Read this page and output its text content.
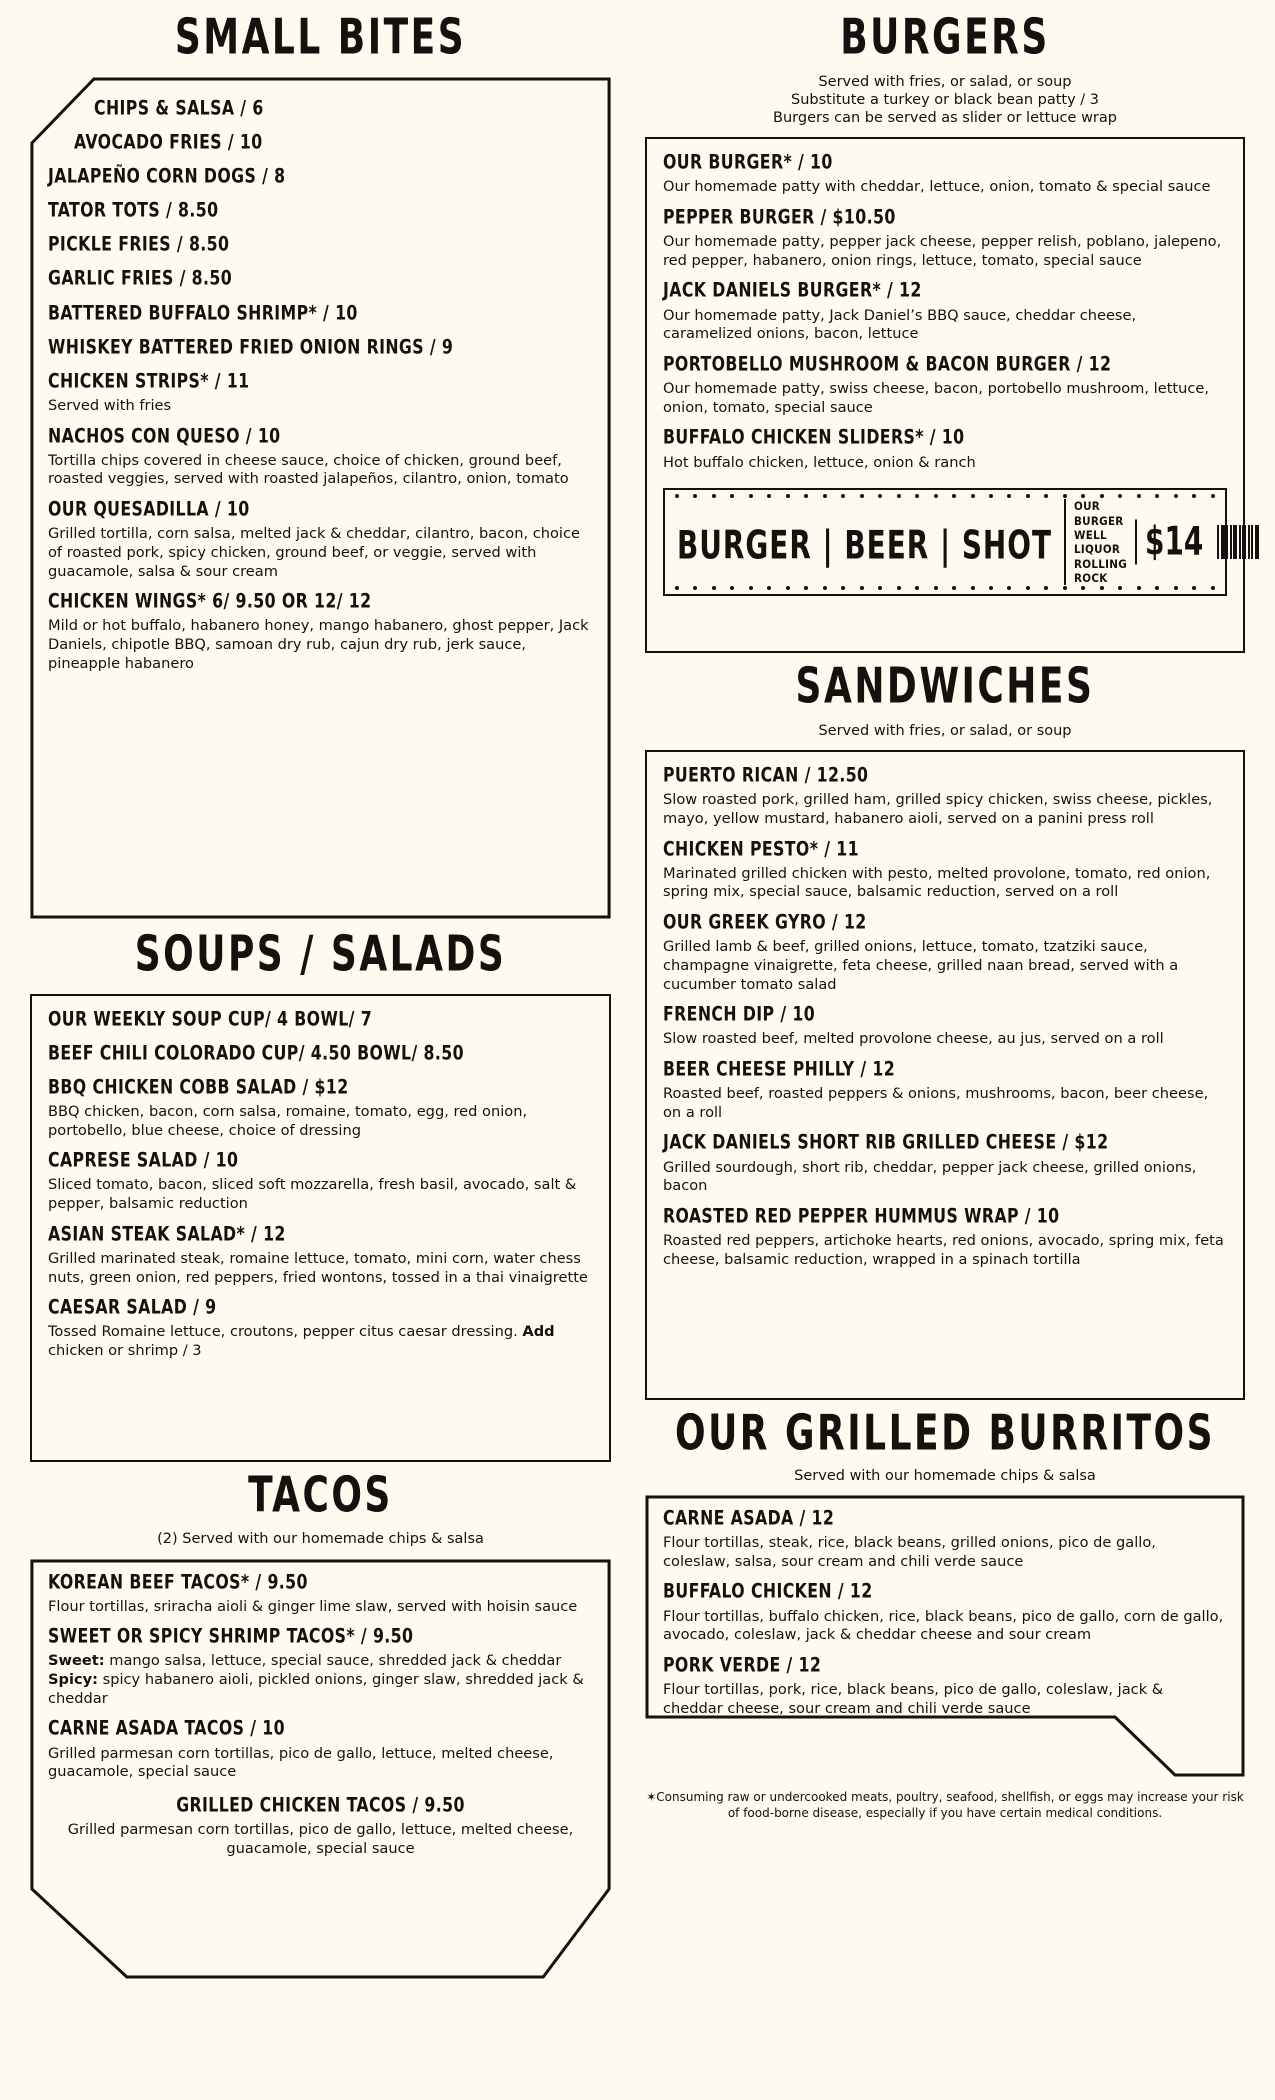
SMALL BITES
CHIPS & SALSA / 6
AVOCADO FRIES / 10
JALAPEÑO CORN DOGS / 8
TATOR TOTS / 8.50
PICKLE FRIES / 8.50
GARLIC FRIES / 8.50
BATTERED BUFFALO SHRIMP* / 10
WHISKEY BATTERED FRIED ONION RINGS / 9
CHICKEN STRIPS* / 11
Served with fries
NACHOS CON QUESO / 10
Tortilla chips covered in cheese sauce, choice of chicken, ground beef, roasted veggies, served with roasted jalapeños, cilantro, onion, tomato
OUR QUESADILLA / 10
Grilled tortilla, corn salsa, melted jack & cheddar, cilantro, bacon, choice of roasted pork, spicy chicken, ground beef, or veggie, served with guacamole, salsa & sour cream
CHICKEN WINGS* 6/ 9.50 OR 12/ 12
Mild or hot buffalo, habanero honey, mango habanero, ghost pepper, Jack Daniels, chipotle BBQ, samoan dry rub, cajun dry rub, jerk sauce, pineapple habanero
SOUPS / SALADS
OUR WEEKLY SOUP CUP/ 4 BOWL/ 7
BEEF CHILI COLORADO CUP/ 4.50 BOWL/ 8.50
BBQ CHICKEN COBB SALAD / $12
BBQ chicken, bacon, corn salsa, romaine, tomato, egg, red onion, portobello, blue cheese, choice of dressing
CAPRESE SALAD / 10
Sliced tomato, bacon, sliced soft mozzarella, fresh basil, avocado, salt & pepper, balsamic reduction
ASIAN STEAK SALAD* / 12
Grilled marinated steak, romaine lettuce, tomato, mini corn, water chess nuts, green onion, red peppers, fried wontons, tossed in a thai vinaigrette
CAESAR SALAD / 9
Tossed Romaine lettuce, croutons, pepper citus caesar dressing. Add chicken or shrimp / 3
TACOS
(2) Served with our homemade chips & salsa
KOREAN BEEF TACOS* / 9.50
Flour tortillas, sriracha aioli & ginger lime slaw, served with hoisin sauce
SWEET OR SPICY SHRIMP TACOS* / 9.50
Sweet: mango salsa, lettuce, special sauce, shredded jack & cheddar
Spicy: spicy habanero aioli, pickled onions, ginger slaw, shredded jack & cheddar
CARNE ASADA TACOS / 10
Grilled parmesan corn tortillas, pico de gallo, lettuce, melted cheese, guacamole, special sauce
GRILLED CHICKEN TACOS / 9.50
Grilled parmesan corn tortillas, pico de gallo, lettuce, melted cheese, guacamole, special sauce
BURGERS
Served with fries, or salad, or soup
Substitute a turkey or black bean patty / 3
Burgers can be served as slider or lettuce wrap
OUR BURGER* / 10
Our homemade patty with cheddar, lettuce, onion, tomato & special sauce
PEPPER BURGER / $10.50
Our homemade patty, pepper jack cheese, pepper relish, poblano, jalepeno, red pepper, habanero, onion rings, lettuce, tomato, special sauce
JACK DANIELS BURGER* / 12
Our homemade patty, Jack Daniel’s BBQ sauce, cheddar cheese, caramelized onions, bacon, lettuce
PORTOBELLO MUSHROOM & BACON BURGER / 12
Our homemade patty, swiss cheese, bacon, portobello mushroom, lettuce, onion, tomato, special sauce
BUFFALO CHICKEN SLIDERS* / 10
Hot buffalo chicken, lettuce, onion & ranch
BURGER | BEER | SHOT
OUR BURGER
WELL LIQUOR
ROLLING ROCK
$14
SANDWICHES
Served with fries, or salad, or soup
PUERTO RICAN / 12.50
Slow roasted pork, grilled ham, grilled spicy chicken, swiss cheese, pickles, mayo, yellow mustard, habanero aioli, served on a panini press roll
CHICKEN PESTO* / 11
Marinated grilled chicken with pesto, melted provolone, tomato, red onion, spring mix, special sauce, balsamic reduction, served on a roll
OUR GREEK GYRO / 12
Grilled lamb & beef, grilled onions, lettuce, tomato, tzatziki sauce, champagne vinaigrette, feta cheese, grilled naan bread, served with a cucumber tomato salad
FRENCH DIP / 10
Slow roasted beef, melted provolone cheese, au jus, served on a roll
BEER CHEESE PHILLY / 12
Roasted beef, roasted peppers & onions, mushrooms, bacon, beer cheese, on a roll
JACK DANIELS SHORT RIB GRILLED CHEESE / $12
Grilled sourdough, short rib, cheddar, pepper jack cheese, grilled onions, bacon
ROASTED RED PEPPER HUMMUS WRAP / 10
Roasted red peppers, artichoke hearts, red onions, avocado, spring mix, feta cheese, balsamic reduction, wrapped in a spinach tortilla
OUR GRILLED BURRITOS
Served with our homemade chips & salsa
CARNE ASADA / 12
Flour tortillas, steak, rice, black beans, grilled onions, pico de gallo, coleslaw, salsa, sour cream and chili verde sauce
BUFFALO CHICKEN / 12
Flour tortillas, buffalo chicken, rice, black beans, pico de gallo, corn de gallo, avocado, coleslaw, jack & cheddar cheese and sour cream
PORK VERDE / 12
Flour tortillas, pork, rice, black beans, pico de gallo, coleslaw, jack & cheddar cheese, sour cream and chili verde sauce
✶Consuming raw or undercooked meats, poultry, seafood, shellfish, or eggs may increase your risk of food-borne disease, especially if you have certain medical conditions.
